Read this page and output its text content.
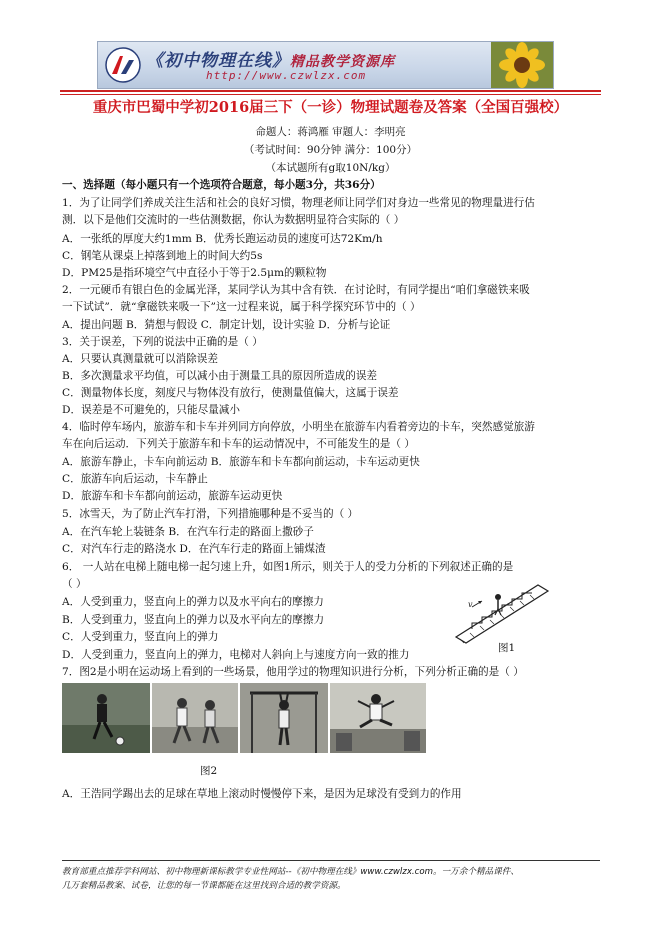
《初中物理在线》精品教学资源库
http://www.czwlzx.com
重庆市巴蜀中学初2016届三下（一诊）物理试题卷及答案（全国百强校）
命题人：蒋鸿雁 审题人：李明亮
（考试时间：90分钟 满分：100分）
（本试题所有g取10N/kg）
一、选择题（每小题只有一个选项符合题意，每小题3分，共36分）
1．为了让同学们养成关注生活和社会的良好习惯，物理老师让同学们对身边一些常见的物理量进行估
测．以下是他们交流时的一些估测数据，你认为数据明显符合实际的（ ）
A．一张纸的厚度大约1mm B．优秀长跑运动员的速度可达72Km/h
C．钢笔从课桌上掉落到地上的时间大约5s
D．PM25是指环境空气中直径小于等于2.5μm的颗粒物
2．一元硬币有银白色的金属光泽，某同学认为其中含有铁．在讨论时，有同学提出“咱们拿磁铁来吸
一下试试”．就“拿磁铁来吸一下”这一过程来说，属于科学探究环节中的（ ）
A．提出问题 B．猜想与假设 C．制定计划，设计实验 D．分析与论证
3．关于误差，下列的说法中正确的是（ ）
A．只要认真测量就可以消除误差
B．多次测量求平均值，可以减小由于测量工具的原因所造成的误差
C．测量物体长度，刻度尺与物体没有放行，使测量值偏大，这属于误差
D．误差是不可避免的，只能尽量减小
4．临时停车场内，旅游车和卡车并列同方向停放，小明坐在旅游车内看着旁边的卡车，突然感觉旅游
车在向后运动．下列关于旅游车和卡车的运动情况中，不可能发生的是（ ）
A．旅游车静止，卡车向前运动 B．旅游车和卡车都向前运动，卡车运动更快
C．旅游车向后运动，卡车静止
D．旅游车和卡车都向前运动，旅游车运动更快
5．冰雪天，为了防止汽车打滑，下列措施哪种是不妥当的（ ）
A．在汽车轮上装链条 B．在汽车行走的路面上撒砂子
C．对汽车行走的路浇水 D．在汽车行走的路面上铺煤渣
6． 一人站在电梯上随电梯一起匀速上升，如图1所示，则关于人的受力分析的下列叙述正确的是
（ ）
A．人受到重力，竖直向上的弹力以及水平向右的摩擦力
B．人受到重力，竖直向上的弹力以及水平向左的摩擦力
C．人受到重力，竖直向上的弹力
D．人受到重力，竖直向上的弹力，电梯对人斜向上与速度方向一致的推力
7．图2是小明在运动场上看到的一些场景，他用学过的物理知识进行分析，下列分析正确的是（ ）
v
图1
图2
A．王浩同学踢出去的足球在草地上滚动时慢慢停下来，是因为足球没有受到力的作用
教育部重点推荐学科网站、初中物理新课标教学专业性网站--《初中物理在线》www.czwlzx.com。一万余个精品课件、
几万套精品教案、试卷，让您的每一节课都能在这里找到合适的教学资源。
